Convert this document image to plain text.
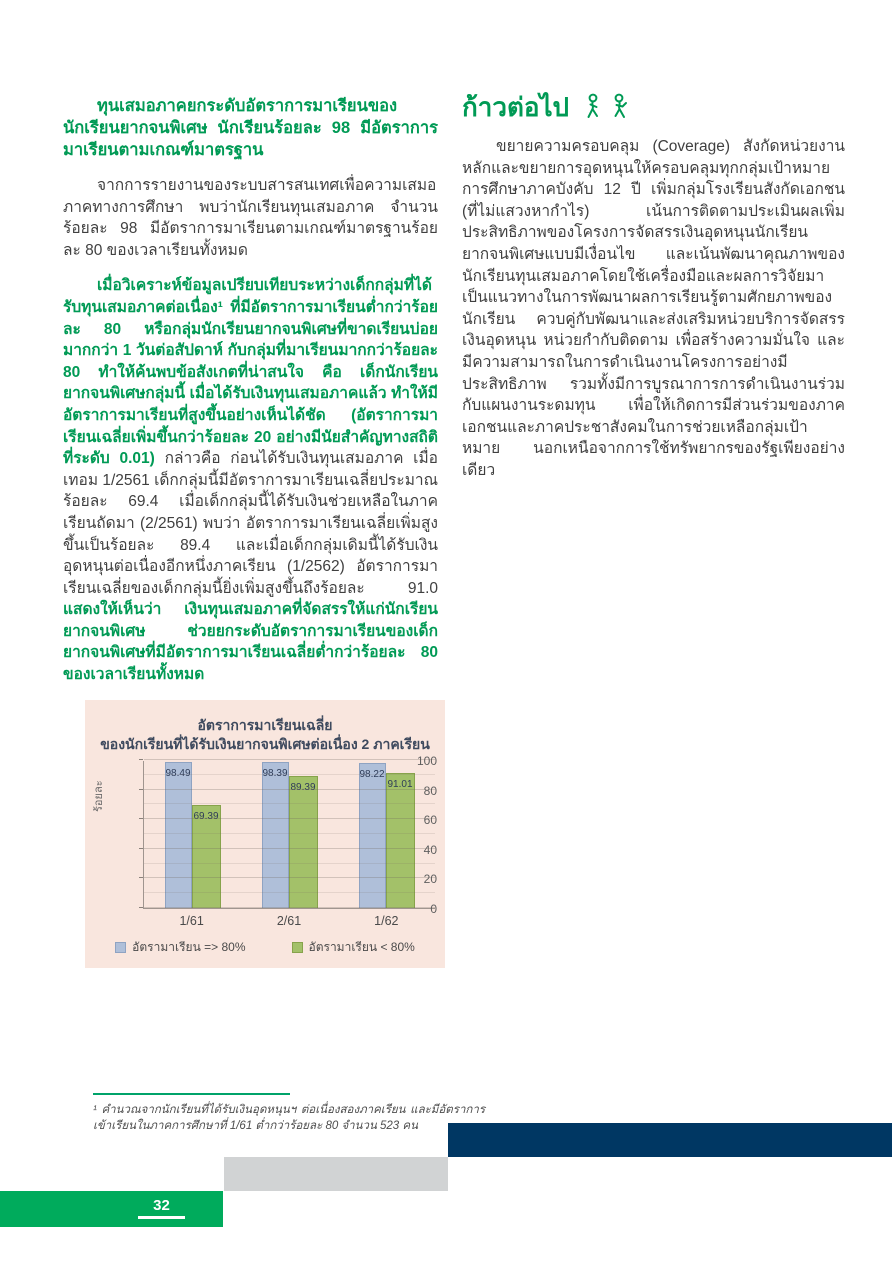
ทุนเสมอภาคยกระดับอัตราการมาเรียนของนักเรียนยากจนพิเศษ นักเรียนร้อยละ 98 มีอัตราการมาเรียนตามเกณฑ์มาตรฐาน

จากการรายงานของระบบสารสนเทศเพื่อความเสมอภาคทางการศึกษา พบว่านักเรียนทุนเสมอภาค จำนวนร้อยละ 98 มีอัตราการมาเรียนตามเกณฑ์มาตรฐานร้อยละ 80 ของเวลาเรียนทั้งหมด

เมื่อวิเคราะห์ข้อมูลเปรียบเทียบระหว่างเด็กกลุ่มที่ได้รับทุนเสมอภาคต่อเนื่อง¹ ที่มีอัตราการมาเรียนต่ำกว่าร้อยละ 80 หรือกลุ่มนักเรียนยากจนพิเศษที่ขาดเรียนบ่อยมากกว่า 1 วันต่อสัปดาห์ กับกลุ่มที่มาเรียนมากกว่าร้อยละ 80 ทำให้ค้นพบข้อสังเกตที่น่าสนใจ คือ เด็กนักเรียนยากจนพิเศษกลุ่มนี้ เมื่อได้รับเงินทุนเสมอภาคแล้ว ทำให้มีอัตราการมาเรียนที่สูงขึ้นอย่างเห็นได้ชัด (อัตราการมาเรียนเฉลี่ยเพิ่มขึ้นกว่าร้อยละ 20 อย่างมีนัยสำคัญทางสถิติที่ระดับ 0.01) กล่าวคือ ก่อนได้รับเงินทุนเสมอภาค เมื่อเทอม 1/2561 เด็กกลุ่มนี้มีอัตราการมาเรียนเฉลี่ยประมาณร้อยละ 69.4 เมื่อเด็กกลุ่มนี้ได้รับเงินช่วยเหลือในภาคเรียนถัดมา (2/2561) พบว่า อัตราการมาเรียนเฉลี่ยเพิ่มสูงขึ้นเป็นร้อยละ 89.4 และเมื่อเด็กกลุ่มเดิมนี้ได้รับเงินอุดหนุนต่อเนื่องอีกหนึ่งภาคเรียน (1/2562) อัตราการมาเรียนเฉลี่ยของเด็กกลุ่มนี้ยิ่งเพิ่มสูงขึ้นถึงร้อยละ 91.0 แสดงให้เห็นว่า เงินทุนเสมอภาคที่จัดสรรให้แก่นักเรียนยากจนพิเศษ ช่วยยกระดับอัตราการมาเรียนของเด็กยากจนพิเศษที่มีอัตราการมาเรียนเฉลี่ยต่ำกว่าร้อยละ 80 ของเวลาเรียนทั้งหมด

ก้าวต่อไป

ขยายความครอบคลุม (Coverage) สังกัดหน่วยงานหลักและขยายการอุดหนุนให้ครอบคลุมทุกกลุ่มเป้าหมายการศึกษาภาคบังคับ 12 ปี เพิ่มกลุ่มโรงเรียนสังกัดเอกชน (ที่ไม่แสวงหากำไร) เน้นการติดตามประเมินผลเพิ่มประสิทธิภาพของโครงการจัดสรรเงินอุดหนุนนักเรียนยากจนพิเศษแบบมีเงื่อนไข และเน้นพัฒนาคุณภาพของนักเรียนทุนเสมอภาคโดยใช้เครื่องมือและผลการวิจัยมาเป็นแนวทางในการพัฒนาผลการเรียนรู้ตามศักยภาพของนักเรียน ควบคู่กับพัฒนาและส่งเสริมหน่วยบริการจัดสรรเงินอุดหนุน หน่วยกำกับติดตาม เพื่อสร้างความมั่นใจ และมีความสามารถในการดำเนินงานโครงการอย่างมีประสิทธิภาพ รวมทั้งมีการบูรณาการการดำเนินงานร่วมกับแผนงานระดมทุน เพื่อให้เกิดการมีส่วนร่วมของภาคเอกชนและภาคประชาสังคมในการช่วยเหลือกลุ่มเป้าหมาย นอกเหนือจากการใช้ทรัพยากรของรัฐเพียงอย่างเดียว

อัตราการมาเรียนเฉลี่ย
ของนักเรียนที่ได้รับเงินยากจนพิเศษต่อเนื่อง 2 ภาคเรียน
ร้อยละ
98.49
69.39
98.39
89.39
98.22
91.01
1/61	2/61	1/62
อัตรามาเรียน => 80%	อัตรามาเรียน < 80%
0
20
40
60
80
100

¹ คำนวณจากนักเรียนที่ได้รับเงินอุดหนุนฯ ต่อเนื่องสองภาคเรียน และมีอัตราการเข้าเรียนในภาคการศึกษาที่ 1/61 ต่ำกว่าร้อยละ 80 จำนวน 523 คน

32
